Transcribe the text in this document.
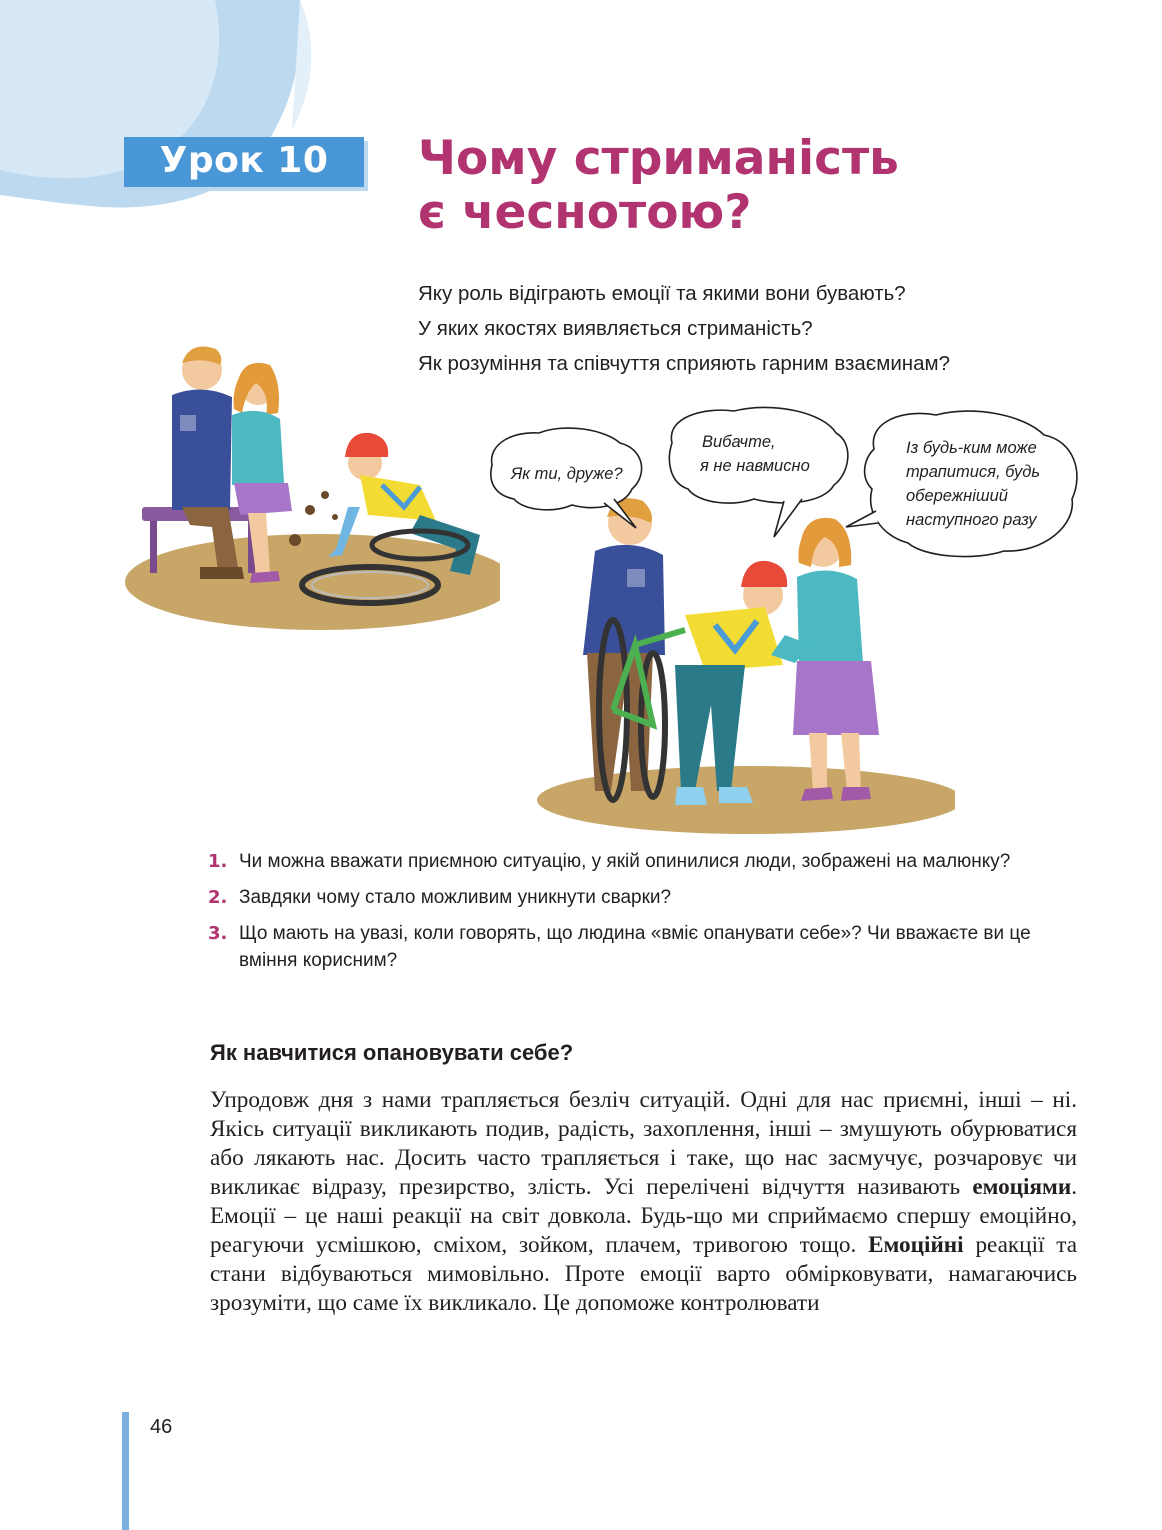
Урок 10	Чому стриманість
є чеснотою?
Яку роль відіграють емоції та якими вони бувають?
У яких якостях виявляється стриманість?
Як розуміння та співчуття сприяють гарним взаєминам?
Як ти, друже?
Вибачте,
я не навмисно
Із будь-ким може
трапитися, будь
обережніший
наступного разу
1. Чи можна вважати приємною ситуацію, у якій опинилися люди, зображені на малюнку?
2. Завдяки чому стало можливим уникнути сварки?
3. Що мають на увазі, коли говорять, що людина «вміє опанувати себе»? Чи вважаєте ви це вміння корисним?
Як навчитися опановувати себе?
Упродовж дня з нами трапляється безліч ситуацій. Одні для нас приємні, інші – ні. Якісь ситуації викликають подив, радість, захоплення, інші – змушують обурюватися або лякають нас. Досить часто трапляється і таке, що нас засмучує, розчаровує чи викликає відразу, презирство, злість. Усі перелічені відчуття називають емоціями. Емоції – це наші реакції на світ довкола. Будь-що ми сприймаємо спершу емоційно, реагуючи усмішкою, сміхом, зойком, плачем, тривогою тощо. Емоційні реакції та стани відбуваються мимовільно. Проте емоції варто обмірковувати, намагаючись зрозуміти, що саме їх викликало. Це допоможе контролювати
46
